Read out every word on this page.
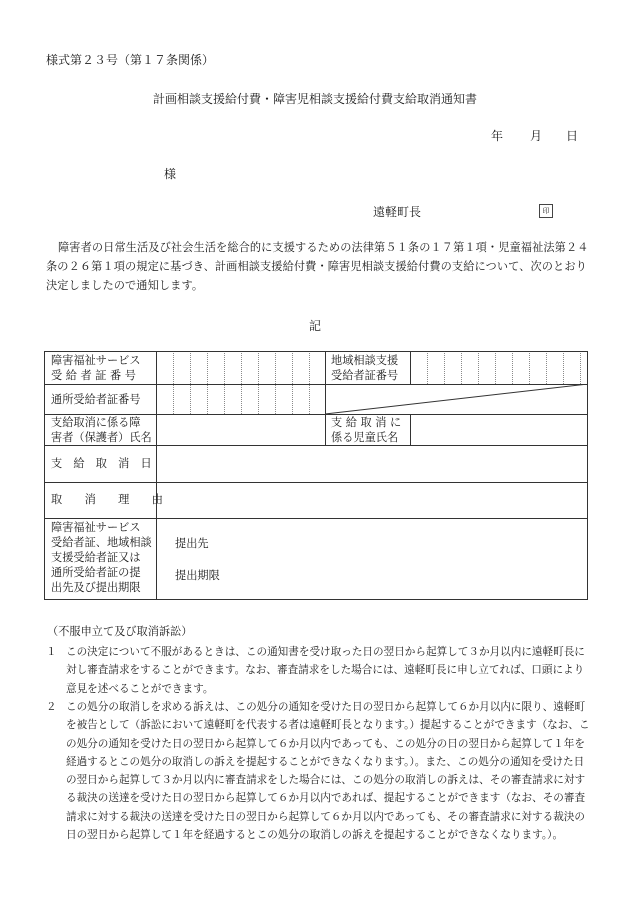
様式第２３号（第１７条関係）
計画相談支援給付費・障害児相談支援給付費支給取消通知書
年 月 日
様
遠軽町長	印
障害者の日常生活及び社会生活を総合的に支援するための法律第５１条の１７第１項・児童福祉法第２４条の２６第１項の規定に基づき、計画相談支援給付費・障害児相談支援給付費の支給について、次のとおり決定しましたので通知します。
記
障害福祉サービス
受 給 者 証 番 号
地域相談支援
受給者証番号
通所受給者証番号
支給取消に係る障
害者（保護者）氏名
支 給 取 消 に
係る児童氏名
支　給　取　消　日
取　　消　　理　　由
障害福祉サービス
受給者証、地域相談
支援受給者証又は
通所受給者証の提
出先及び提出期限
提出先
提出期限
（不服申立て及び取消訴訟）
１ この決定について不服があるときは、この通知書を受け取った日の翌日から起算して３か月以内に遠軽町長に対し審査請求をすることができます。なお、審査請求をした場合には、遠軽町長に申し立てれば、口頭により意見を述べることができます。
２ この処分の取消しを求める訴えは、この処分の通知を受けた日の翌日から起算して６か月以内に限り、遠軽町を被告として（訴訟において遠軽町を代表する者は遠軽町長となります。）提起することができます（なお、この処分の通知を受けた日の翌日から起算して６か月以内であっても、この処分の日の翌日から起算して１年を経過するとこの処分の取消しの訴えを提起することができなくなります。）。また、この処分の通知を受けた日の翌日から起算して３か月以内に審査請求をした場合には、この処分の取消しの訴えは、その審査請求に対する裁決の送達を受けた日の翌日から起算して６か月以内であれば、提起することができます（なお、その審査請求に対する裁決の送達を受けた日の翌日から起算して６か月以内であっても、その審査請求に対する裁決の日の翌日から起算して１年を経過するとこの処分の取消しの訴えを提起することができなくなります。）。
